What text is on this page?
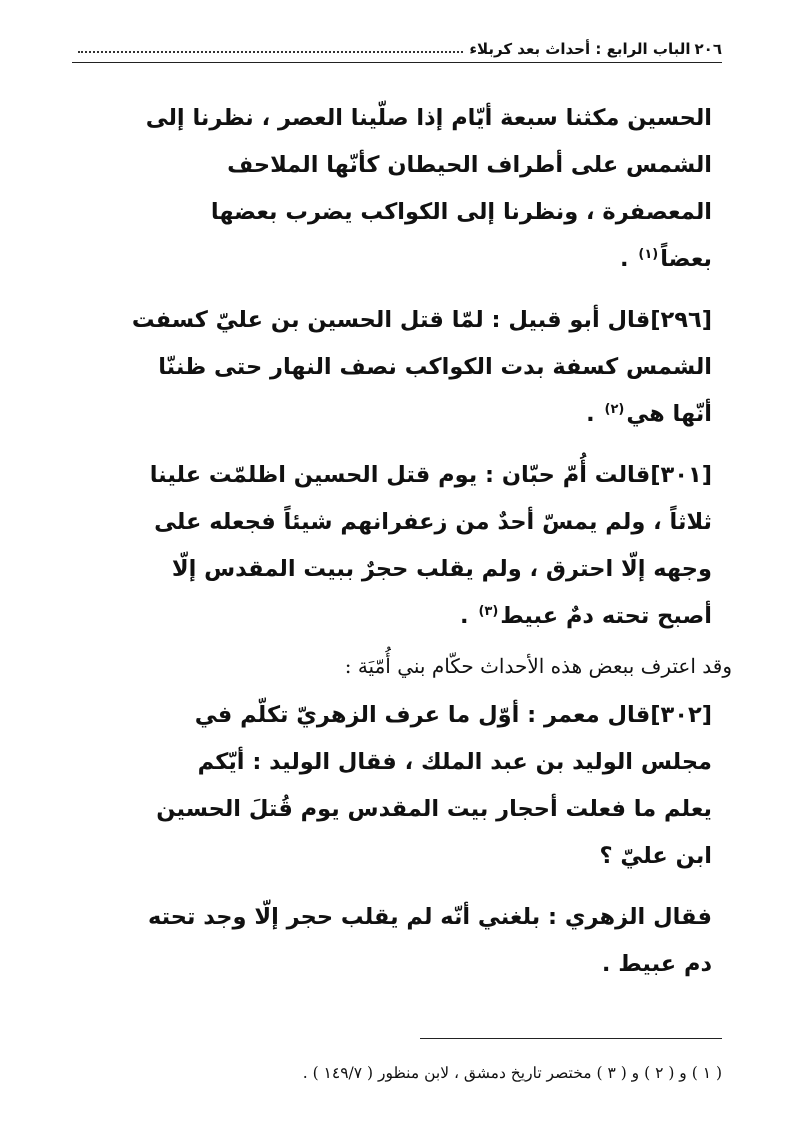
٢٠٦
الباب الرابع : أحداث بعد كربلاء

الحسين مكثنا سبعة أيّام إذا صلّينا العصر ، نظرنا إلى
الشمس على أطراف الحيطان كأنّها الملاحف
المعصفرة ، ونظرنا إلى الكواكب يضرب بعضها
بعضاً$^{(١)}$ .

[٢٩٦]قال أبو قبيل : لمّا قتل الحسين بن عليّ كسفت
الشمس كسفة بدت الكواكب نصف النهار حتى ظننّا
أنّها هي$^{(٢)}$ .

[٣٠١]قالت أُمّ حبّان : يوم قتل الحسين اظلمّت علينا
ثلاثاً ، ولم يمسّ أحدٌ من زعفرانهم شيئاً فجعله على
وجهه إلّا احترق ، ولم يقلب حجرٌ ببيت المقدس إلّا
أصبح تحته دمٌ عبيط$^{(٣)}$ .

وقد اعترف ببعض هذه الأحداث حكّام بني أُمّيَة :

[٣٠٢]قال معمر : أوّل ما عرف الزهريّ تكلّم في
مجلس الوليد بن عبد الملك ، فقال الوليد : أيّكم
يعلم ما فعلت أحجار بيت المقدس يوم قُتلَ الحسين
ابن عليّ ؟

فقال الزهري : بلغني أنّه لم يقلب حجر إلّا وجد تحته
دم عبيط .

( ١ ) و ( ٢ ) و ( ٣ ) مختصر تاريخ دمشق ، لابن منظور ( ١٤٩/٧ ) .
